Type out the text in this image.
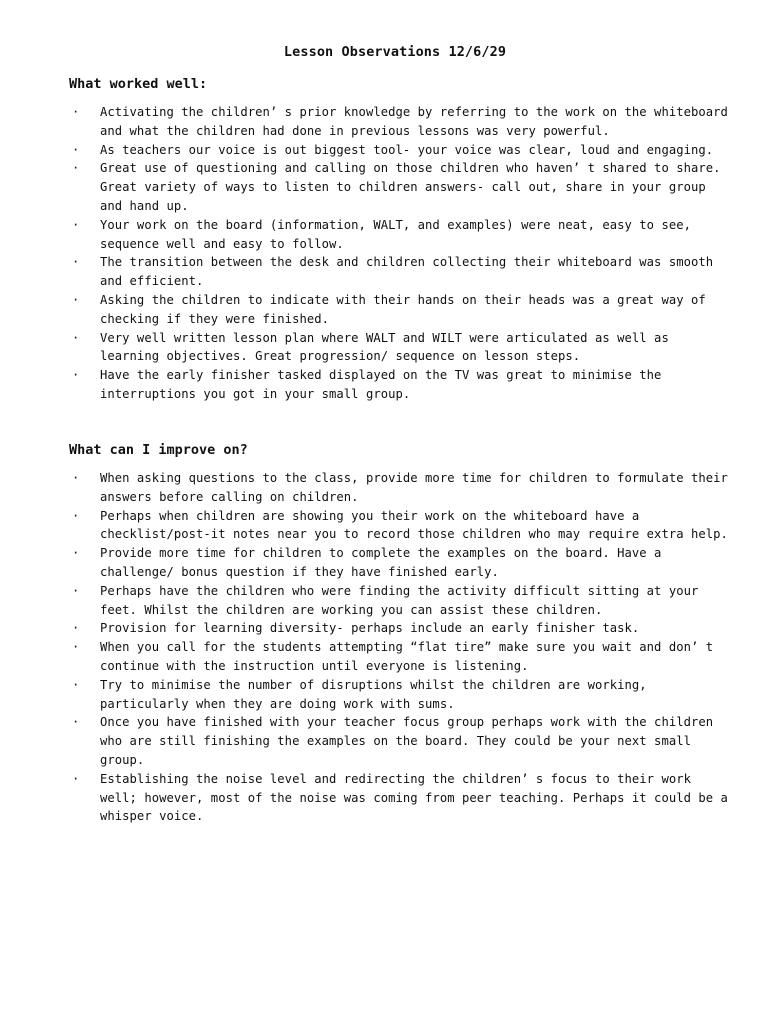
Lesson Observations 12/6/29
What worked well:
·	Activating the children’ s prior knowledge by referring to the work on the whiteboard and what the children had done in previous lessons was very powerful.
·	As teachers our voice is out biggest tool- your voice was clear, loud and engaging.
·	Great use of questioning and calling on those children who haven’ t shared to share. Great variety of ways to listen to children answers- call out, share in your group and hand up.
·	Your work on the board (information, WALT, and examples) were neat, easy to see, sequence well and easy to follow.
·	The transition between the desk and children collecting their whiteboard was smooth and efficient.
·	Asking the children to indicate with their hands on their heads was a great way of checking if they were finished.
·	Very well written lesson plan where WALT and WILT were articulated as well as learning objectives. Great progression/ sequence on lesson steps.
·	Have the early finisher tasked displayed on the TV was great to minimise the interruptions you got in your small group.
What can I improve on?
·	When asking questions to the class, provide more time for children to formulate their answers before calling on children.
·	Perhaps when children are showing you their work on the whiteboard have a checklist/post-it notes near you to record those children who may require extra help.
·	Provide more time for children to complete the examples on the board. Have a challenge/ bonus question if they have finished early.
·	Perhaps have the children who were finding the activity difficult sitting at your feet. Whilst the children are working you can assist these children.
·	Provision for learning diversity- perhaps include an early finisher task.
·	When you call for the students attempting “flat tire” make sure you wait and don’ t continue with the instruction until everyone is listening.
·	Try to minimise the number of disruptions whilst the children are working, particularly when they are doing work with sums.
·	Once you have finished with your teacher focus group perhaps work with the children who are still finishing the examples on the board. They could be your next small group.
·	Establishing the noise level and redirecting the children’ s focus to their work well; however, most of the noise was coming from peer teaching. Perhaps it could be a whisper voice.
